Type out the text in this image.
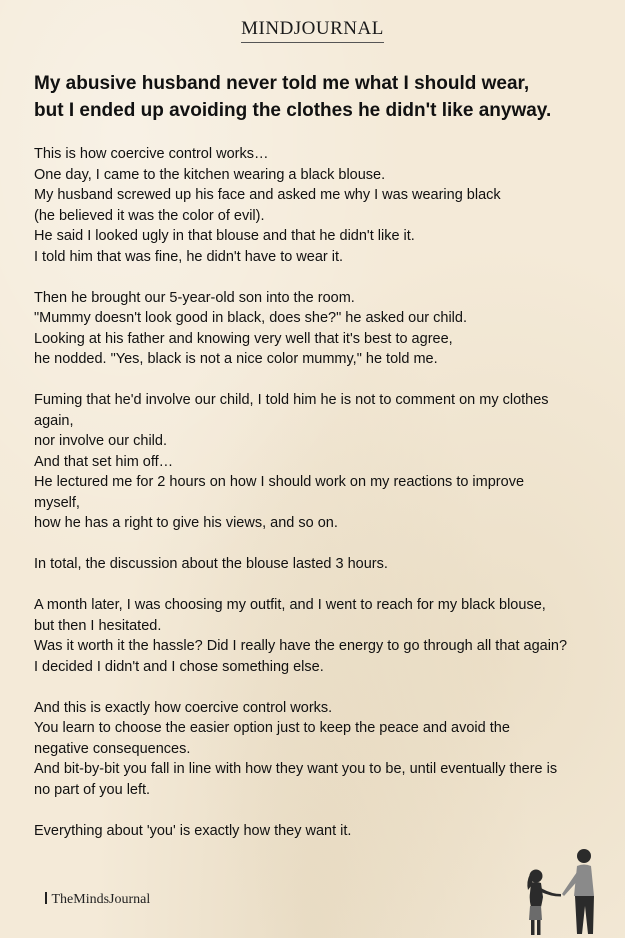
MINDJOURNAL
My abusive husband never told me what I should wear,
but I ended up avoiding the clothes he didn't like anyway.
This is how coercive control works…
One day, I came to the kitchen wearing a black blouse.
My husband screwed up his face and asked me why I was wearing black
(he believed it was the color of evil).
He said I looked ugly in that blouse and that he didn't like it.
I told him that was fine, he didn't have to wear it.
Then he brought our 5-year-old son into the room.
"Mummy doesn't look good in black, does she?" he asked our child.
Looking at his father and knowing very well that it's best to agree,
he nodded. "Yes, black is not a nice color mummy," he told me.
Fuming that he'd involve our child, I told him he is not to comment on my clothes
again,
nor involve our child.
And that set him off…
He lectured me for 2 hours on how I should work on my reactions to improve
myself,
how he has a right to give his views, and so on.
In total, the discussion about the blouse lasted 3 hours.
A month later, I was choosing my outfit, and I went to reach for my black blouse,
but then I hesitated.
Was it worth it the hassle? Did I really have the energy to go through all that again?
I decided I didn't and I chose something else.
And this is exactly how coercive control works.
You learn to choose the easier option just to keep the peace and avoid the
negative consequences.
And bit-by-bit you fall in line with how they want you to be, until eventually there is
no part of you left.
Everything about 'you' is exactly how they want it.
TheMindsJournal
